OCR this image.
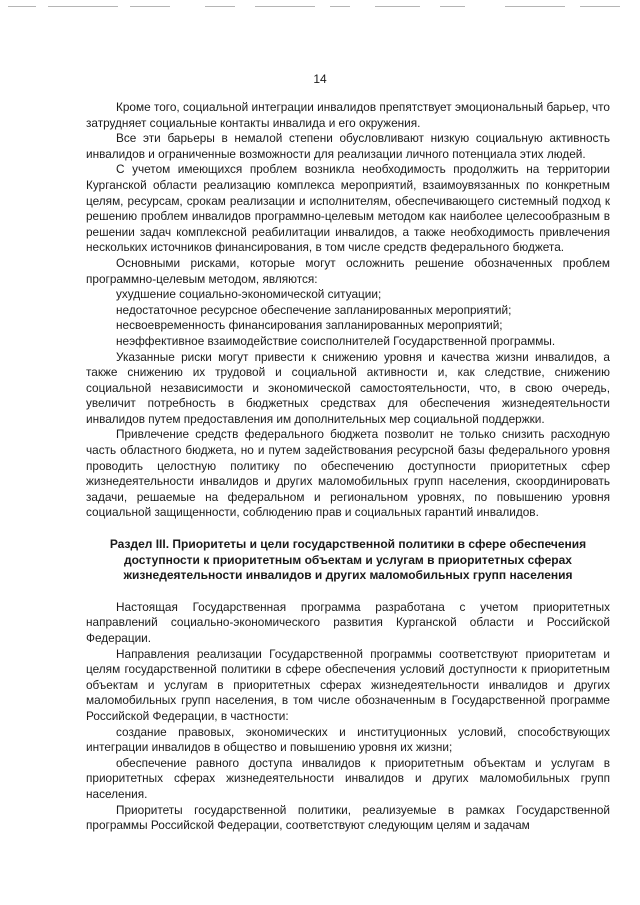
14

Кроме того, социальной интеграции инвалидов препятствует эмоциональный барьер, что затрудняет социальные контакты инвалида и его окружения.

Все эти барьеры в немалой степени обусловливают низкую социальную активность инвалидов и ограниченные возможности для реализации личного потенциала этих людей.

С учетом имеющихся проблем возникла необходимость продолжить на территории Курганской области реализацию комплекса мероприятий, взаимоувязанных по конкретным целям, ресурсам, срокам реализации и исполнителям, обеспечивающего системный подход к решению проблем инвалидов программно-целевым методом как наиболее целесообразным в решении задач комплексной реабилитации инвалидов, а также необходимость привлечения нескольких источников финансирования, в том числе средств федерального бюджета.

Основными рисками, которые могут осложнить решение обозначенных проблем программно-целевым методом, являются:

ухудшение социально-экономической ситуации;

недостаточное ресурсное обеспечение запланированных мероприятий;

несвоевременность финансирования запланированных мероприятий;

неэффективное взаимодействие соисполнителей Государственной программы.

Указанные риски могут привести к снижению уровня и качества жизни инвалидов, а также снижению их трудовой и социальной активности и, как следствие, снижению социальной независимости и экономической самостоятельности, что, в свою очередь, увеличит потребность в бюджетных средствах для обеспечения жизнедеятельности инвалидов путем предоставления им дополнительных мер социальной поддержки.

Привлечение средств федерального бюджета позволит не только снизить расходную часть областного бюджета, но и путем задействования ресурсной базы федерального уровня проводить целостную политику по обеспечению доступности приоритетных сфер жизнедеятельности инвалидов и других маломобильных групп населения, скоординировать задачи, решаемые на федеральном и региональном уровнях, по повышению уровня социальной защищенности, соблюдению прав и социальных гарантий инвалидов.

Раздел III. Приоритеты и цели государственной политики в сфере обеспечения доступности к приоритетным объектам и услугам в приоритетных сферах жизнедеятельности инвалидов и других маломобильных групп населения

Настоящая Государственная программа разработана с учетом приоритетных направлений социально-экономического развития Курганской области и Российской Федерации.

Направления реализации Государственной программы соответствуют приоритетам и целям государственной политики в сфере обеспечения условий доступности к приоритетным объектам и услугам в приоритетных сферах жизнедеятельности инвалидов и других маломобильных групп населения, в том числе обозначенным в Государственной программе Российской Федерации, в частности:

создание правовых, экономических и институционных условий, способствующих интеграции инвалидов в общество и повышению уровня их жизни;

обеспечение равного доступа инвалидов к приоритетным объектам и услугам в приоритетных сферах жизнедеятельности инвалидов и других маломобильных групп населения.

Приоритеты государственной политики, реализуемые в рамках Государственной программы Российской Федерации, соответствуют следующим целям и задачам
